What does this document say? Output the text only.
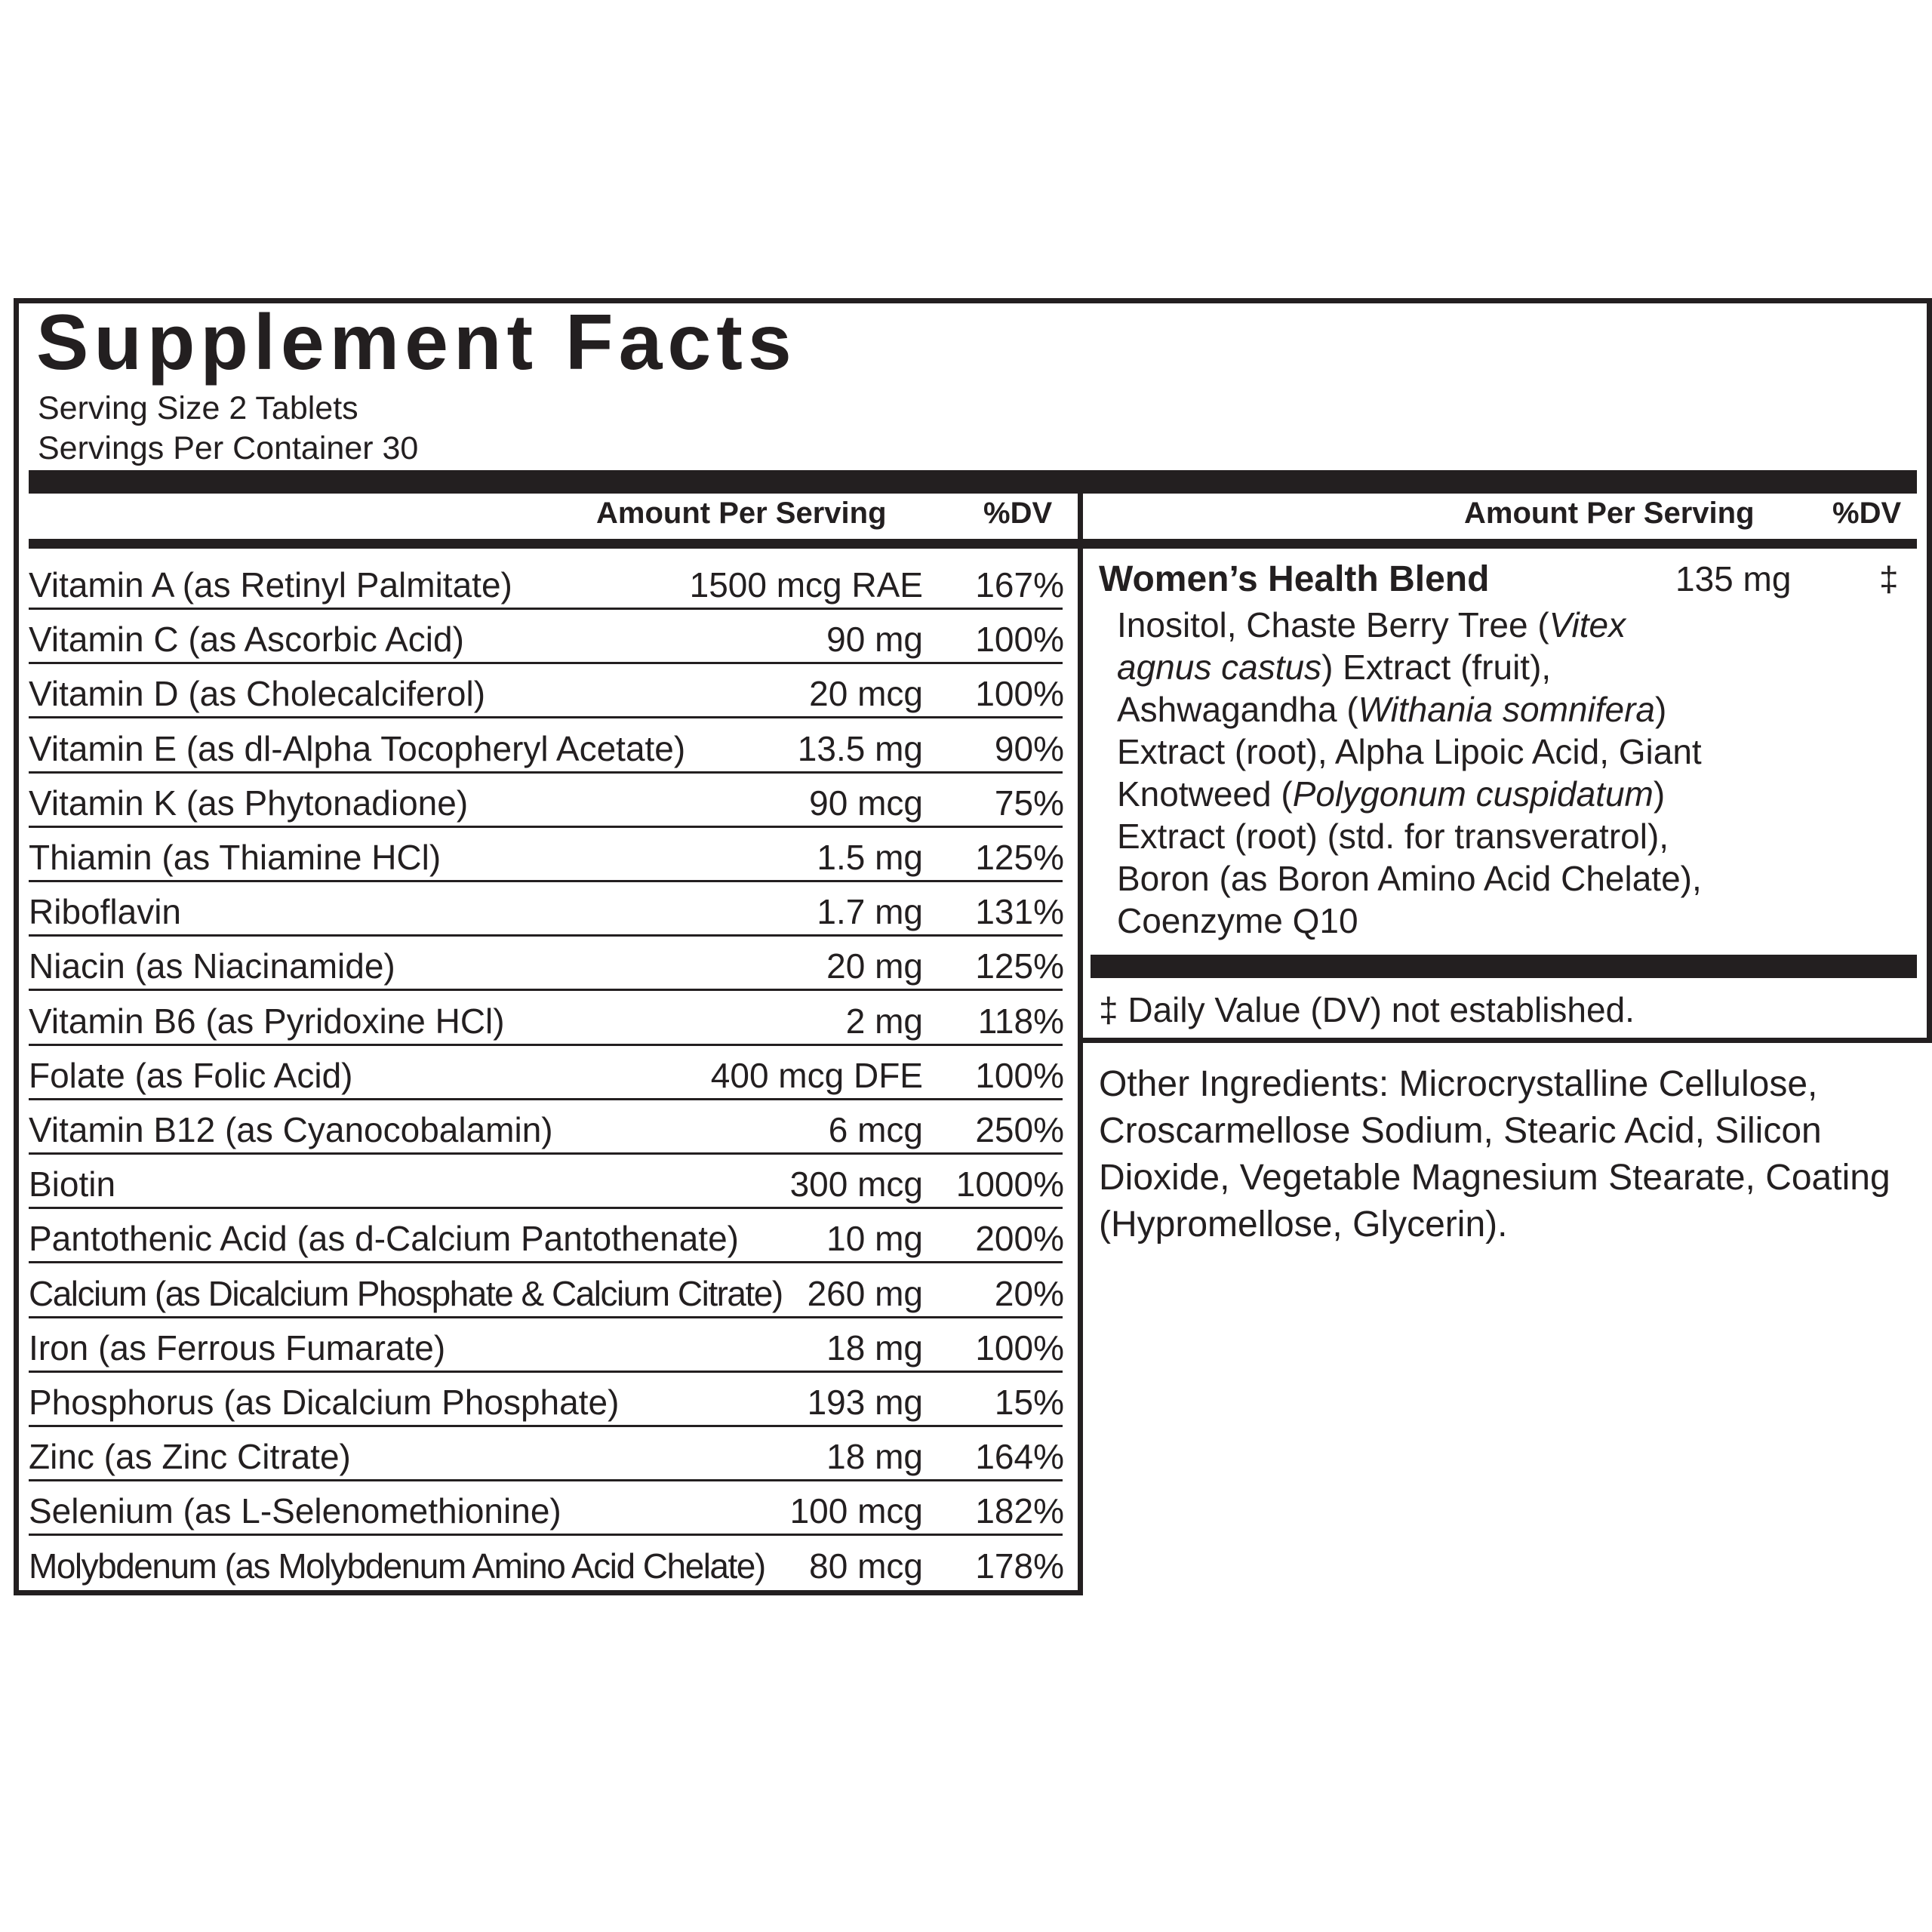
Supplement Facts
Serving Size 2 Tablets
Servings Per Container 30
Amount Per Serving	%DV	Amount Per Serving	%DV
Vitamin A (as Retinyl Palmitate)	1500 mcg RAE 167%
Vitamin C (as Ascorbic Acid)	90 mg 100%
Vitamin D (as Cholecalciferol)	20 mcg 100%
Vitamin E (as dl-Alpha Tocopheryl Acetate)	13.5 mg 90%
Vitamin K (as Phytonadione)	90 mcg 75%
Thiamin (as Thiamine HCl)	1.5 mg 125%
Riboflavin	1.7 mg 131%
Niacin (as Niacinamide)	20 mg 125%
Vitamin B6 (as Pyridoxine HCl)	2 mg 118%
Folate (as Folic Acid)	400 mcg DFE 100%
Vitamin B12 (as Cyanocobalamin)	6 mcg 250%
Biotin	300 mcg 1000%
Pantothenic Acid (as d-Calcium Pantothenate)	10 mg 200%
Calcium (as Dicalcium Phosphate & Calcium Citrate) 260 mg 20%
Iron (as Ferrous Fumarate)	18 mg 100%
Phosphorus (as Dicalcium Phosphate)	193 mg 15%
Zinc (as Zinc Citrate)	18 mg 164%
Selenium (as L-Selenomethionine)	100 mcg 182%
Molybdenum (as Molybdenum Amino Acid Chelate) 80 mcg 178%
Women’s Health Blend	135 mg	‡
Inositol, Chaste Berry Tree (Vitex agnus castus) Extract (fruit), Ashwagandha (Withania somnifera) Extract (root), Alpha Lipoic Acid, Giant Knotweed (Polygonum cuspidatum) Extract (root) (std. for transveratrol), Boron (as Boron Amino Acid Chelate), Coenzyme Q10
‡ Daily Value (DV) not established.
Other Ingredients: Microcrystalline Cellulose, Croscarmellose Sodium, Stearic Acid, Silicon Dioxide, Vegetable Magnesium Stearate, Coating (Hypromellose, Glycerin).
